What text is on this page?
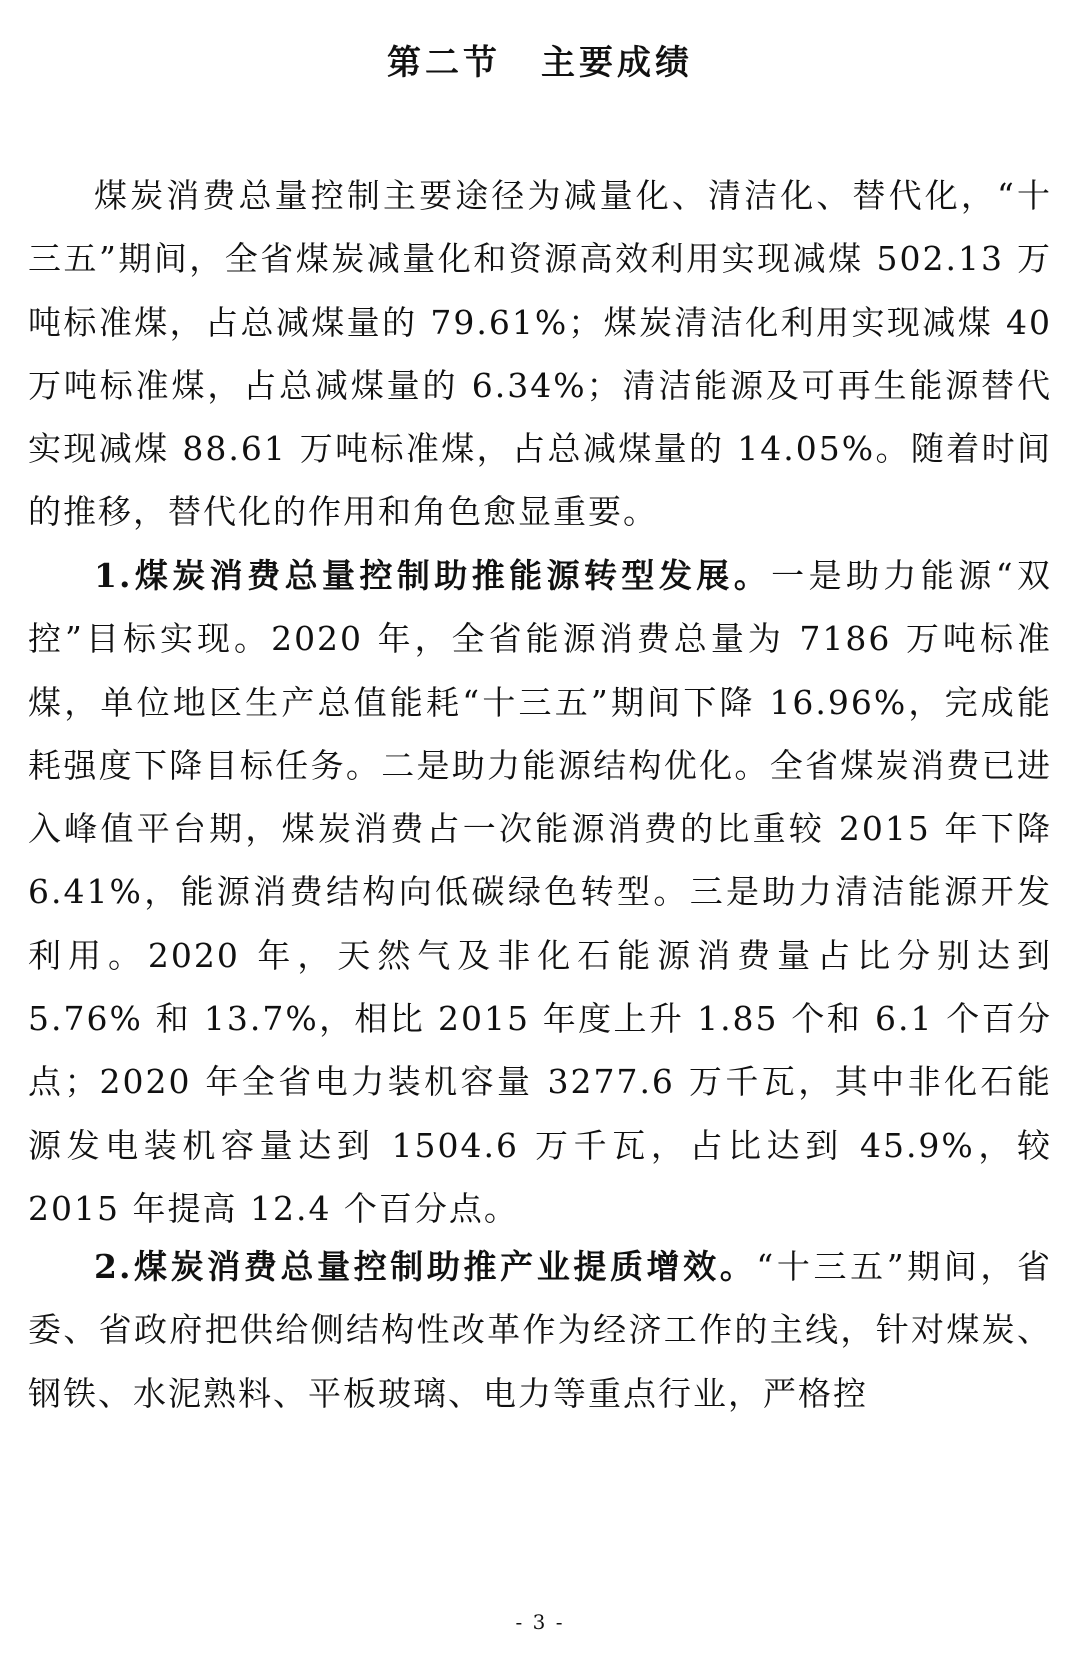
第二节 主要成绩

煤炭消费总量控制主要途径为减量化、清洁化、替代化，“十三五”期间，全省煤炭减量化和资源高效利用实现减煤 502.13 万吨标准煤，占总减煤量的 79.61%；煤炭清洁化利用实现减煤 40 万吨标准煤，占总减煤量的 6.34%；清洁能源及可再生能源替代实现减煤 88.61 万吨标准煤，占总减煤量的 14.05%。随着时间的推移，替代化的作用和角色愈显重要。

1.煤炭消费总量控制助推能源转型发展。一是助力能源“双控”目标实现。2020 年，全省能源消费总量为 7186 万吨标准煤，单位地区生产总值能耗“十三五”期间下降 16.96%，完成能耗强度下降目标任务。二是助力能源结构优化。全省煤炭消费已进入峰值平台期，煤炭消费占一次能源消费的比重较 2015 年下降 6.41%，能源消费结构向低碳绿色转型。三是助力清洁能源开发利用。2020 年，天然气及非化石能源消费量占比分别达到 5.76% 和 13.7%，相比 2015 年度上升 1.85 个和 6.1 个百分点；2020 年全省电力装机容量 3277.6 万千瓦，其中非化石能源发电装机容量达到 1504.6 万千瓦，占比达到 45.9%，较 2015 年提高 12.4 个百分点。

2.煤炭消费总量控制助推产业提质增效。“十三五”期间，省委、省政府把供给侧结构性改革作为经济工作的主线，针对煤炭、钢铁、水泥熟料、平板玻璃、电力等重点行业，严格控

- 3 -
